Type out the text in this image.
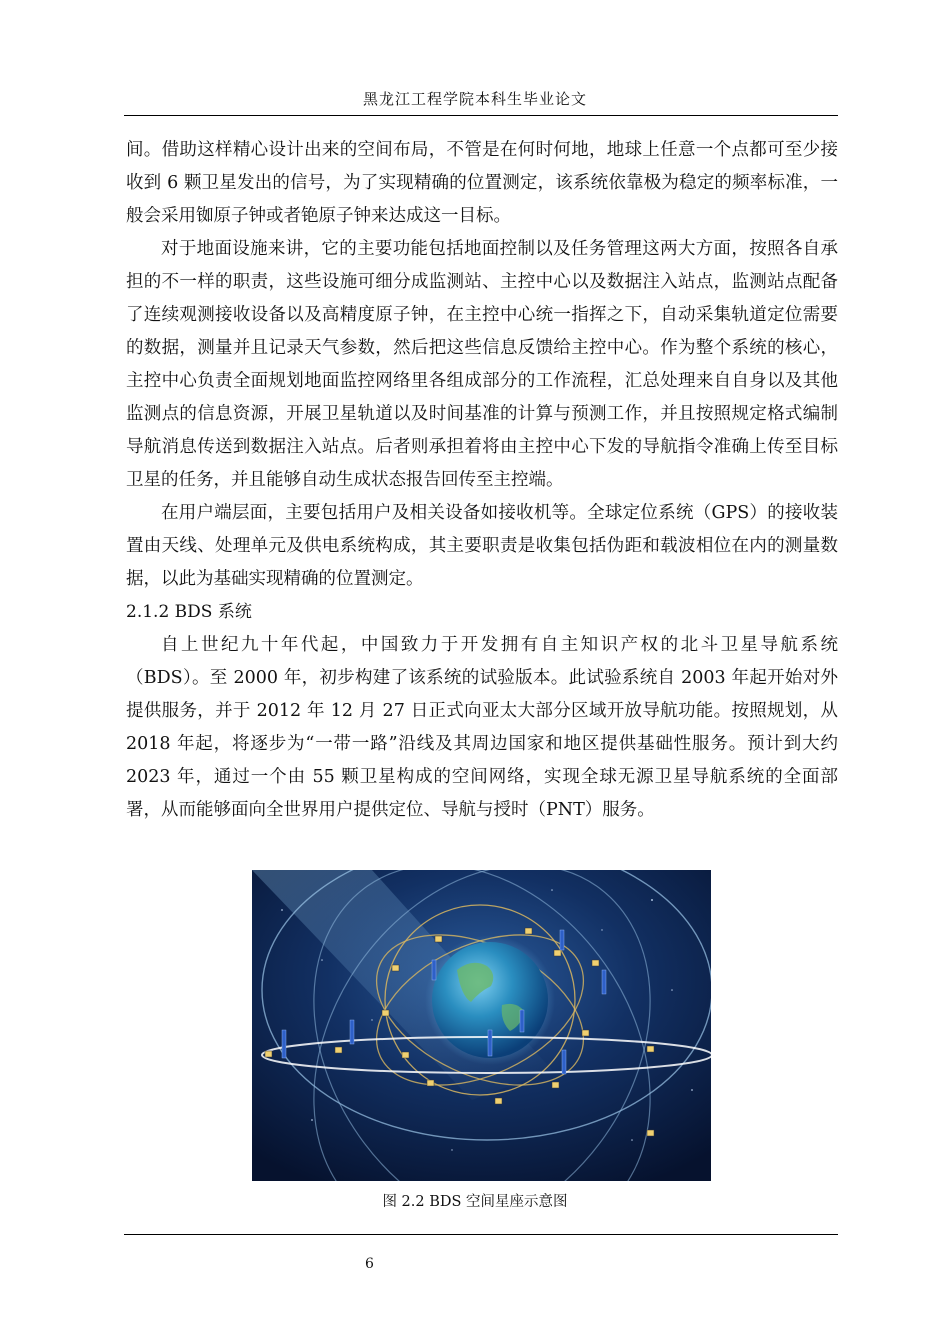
黑龙江工程学院本科生毕业论文

间。借助这样精心设计出来的空间布局，不管是在何时何地，地球上任意一个点都可至少接收到 6 颗卫星发出的信号，为了实现精确的位置测定，该系统依靠极为稳定的频率标准，一般会采用铷原子钟或者铯原子钟来达成这一目标。

对于地面设施来讲，它的主要功能包括地面控制以及任务管理这两大方面，按照各自承担的不一样的职责，这些设施可细分成监测站、主控中心以及数据注入站点，监测站点配备了连续观测接收设备以及高精度原子钟，在主控中心统一指挥之下，自动采集轨道定位需要的数据，测量并且记录天气参数，然后把这些信息反馈给主控中心。作为整个系统的核心，主控中心负责全面规划地面监控网络里各组成部分的工作流程，汇总处理来自自身以及其他监测点的信息资源，开展卫星轨道以及时间基准的计算与预测工作，并且按照规定格式编制导航消息传送到数据注入站点。后者则承担着将由主控中心下发的导航指令准确上传至目标卫星的任务，并且能够自动生成状态报告回传至主控端。

在用户端层面，主要包括用户及相关设备如接收机等。全球定位系统（GPS）的接收装置由天线、处理单元及供电系统构成，其主要职责是收集包括伪距和载波相位在内的测量数据，以此为基础实现精确的位置测定。

2.1.2 BDS 系统

自上世纪九十年代起，中国致力于开发拥有自主知识产权的北斗卫星导航系统（BDS）。至 2000 年，初步构建了该系统的试验版本。此试验系统自 2003 年起开始对外提供服务，并于 2012 年 12 月 27 日正式向亚太大部分区域开放导航功能。按照规划，从 2018 年起，将逐步为“一带一路”沿线及其周边国家和地区提供基础性服务。预计到大约 2023 年，通过一个由 55 颗卫星构成的空间网络，实现全球无源卫星导航系统的全面部署，从而能够面向全世界用户提供定位、导航与授时（PNT）服务。

图 2.2 BDS 空间星座示意图
6
